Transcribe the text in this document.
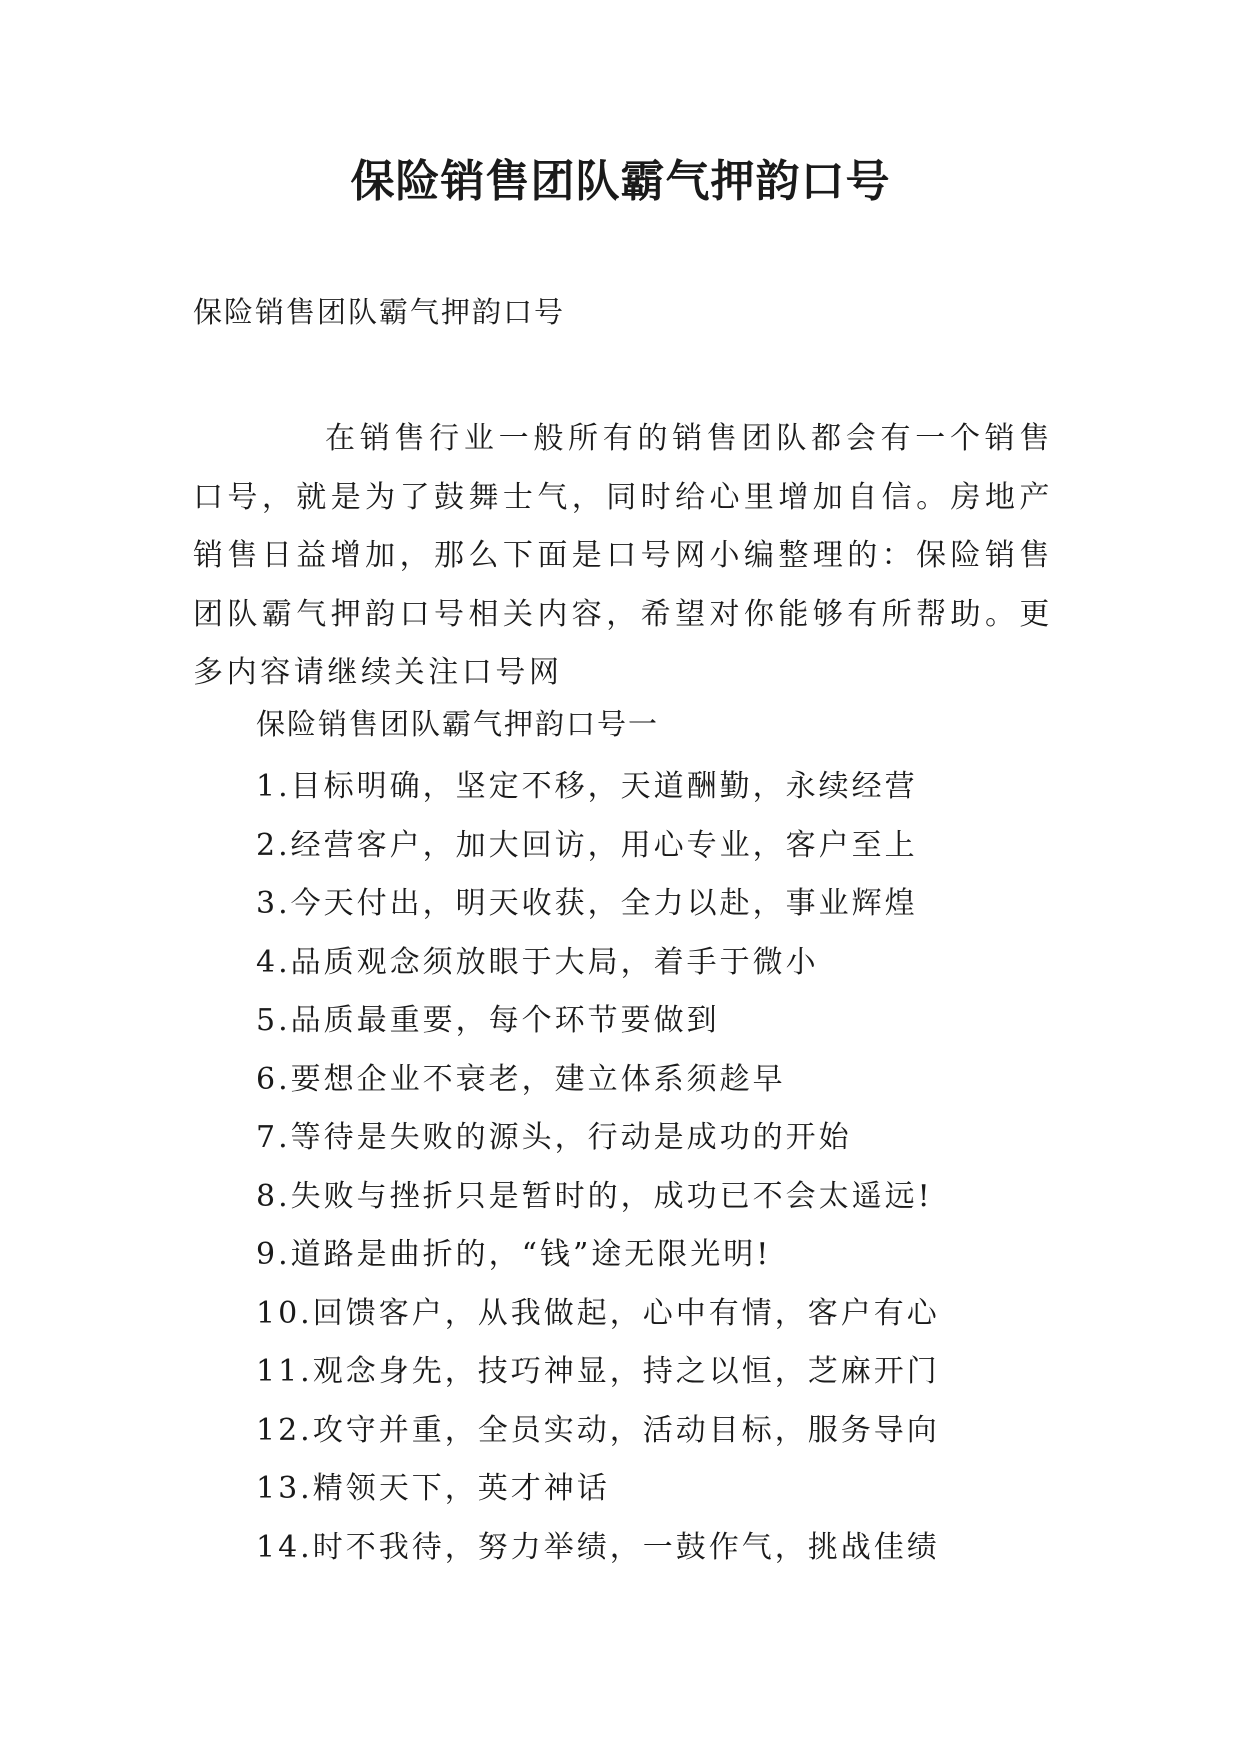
保险销售团队霸气押韵口号

保险销售团队霸气押韵口号

在销售行业一般所有的销售团队都会有一个销售口号，就是为了鼓舞士气，同时给心里增加自信。房地产销售日益增加，那么下面是口号网小编整理的：保险销售团队霸气押韵口号相关内容，希望对你能够有所帮助。更多内容请继续关注口号网

保险销售团队霸气押韵口号一

1.目标明确，坚定不移，天道酬勤，永续经营
2.经营客户，加大回访，用心专业，客户至上
3.今天付出，明天收获，全力以赴，事业辉煌
4.品质观念须放眼于大局，着手于微小
5.品质最重要，每个环节要做到
6.要想企业不衰老，建立体系须趁早
7.等待是失败的源头，行动是成功的开始
8.失败与挫折只是暂时的，成功已不会太遥远!
9.道路是曲折的，“钱”途无限光明!
10.回馈客户，从我做起，心中有情，客户有心
11.观念身先，技巧神显，持之以恒，芝麻开门
12.攻守并重，全员实动，活动目标，服务导向
13.精领天下，英才神话
14.时不我待，努力举绩，一鼓作气，挑战佳绩
